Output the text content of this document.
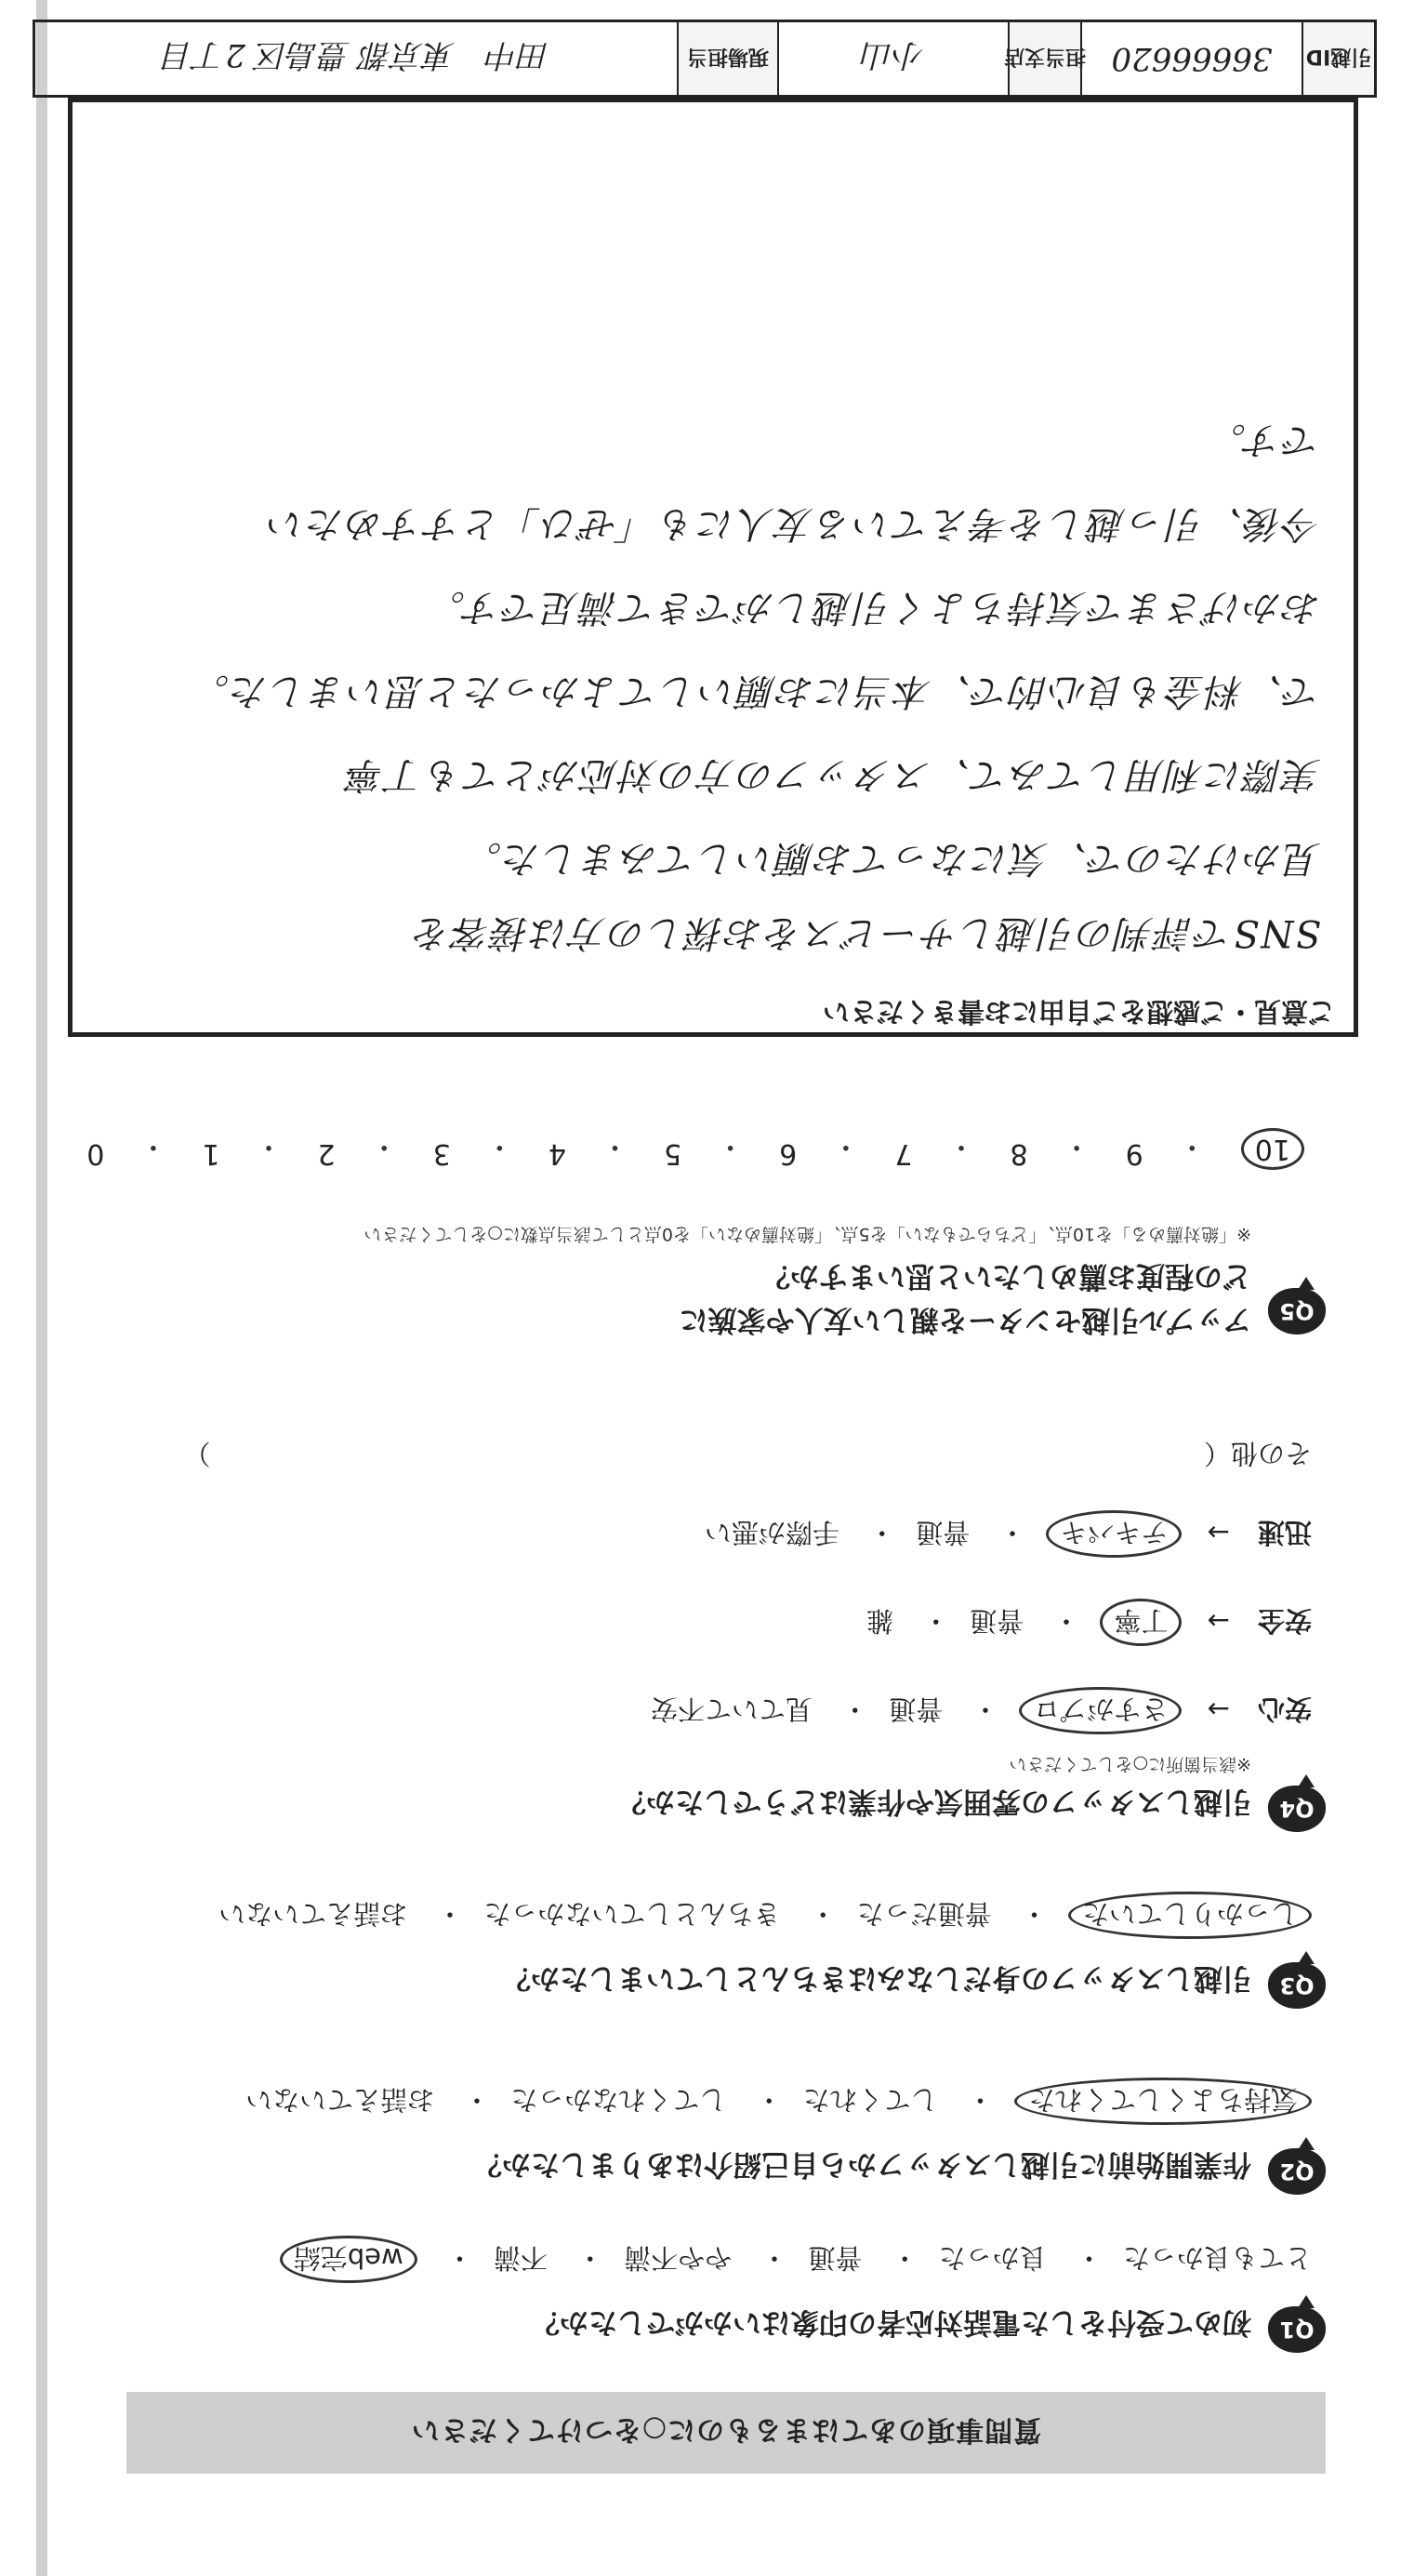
質問事項のあてはまるものに○をつけてください
Q1
初めて受付をした電話対応者の印象はいかがでしたか？
とても良かった・ 良かった・ 普通・ やや不満・ 不満・ web完結
Q2
作業開始前に引越しスタッフから自己紹介はありましたか？
気持ちよくしてくれた・ してくれた・ してくれなかった・ お話えていない
Q3
引越しスタッフの身だしなみはきちんとしていましたか？
しっかりしていた・ 普通だった・ きちんとしていなかった・ お話えていない
Q4
引越しスタッフの雰囲気や作業はどうでしたか？
※該当箇所に○をしてください
安心→ さすがプロ・ 普通・ 見ていて不安
安全→ 丁寧・ 普通・ 雑
迅速→ テキパキ・ 普通・ 手際が悪い
その他（  ）
Q5
アップル引越センターを親しい友人や家族に
どの程度お薦めしたいと思いますか？
※「絶対薦める」を10点、「どちらでもない」を5点、「絶対薦めない」を0点として該当点数に○をしてください
10
・
9
・
8
・
7
・
6
・
5
・
4
・
3
・
2
・
1
・
0
ご意見・ご感想をご自由にお書きください
SNSで評判の引越しサービスをお探しの方は接客を
見かけたので、気になってお願いしてみました。
実際に利用してみて、スタッフの方の対応がとても丁寧
で、料金も良心的で、本当にお願いしてよかったと思いました。
おかげさまで気持ちよく引越しができて満足です。
今後、引っ越しを考えている友人にも「ぜひ」とすすめたい
です。
引越ID
36666620
担当支店
小山
現場担当
田中　東京都 豊島区 2丁目
